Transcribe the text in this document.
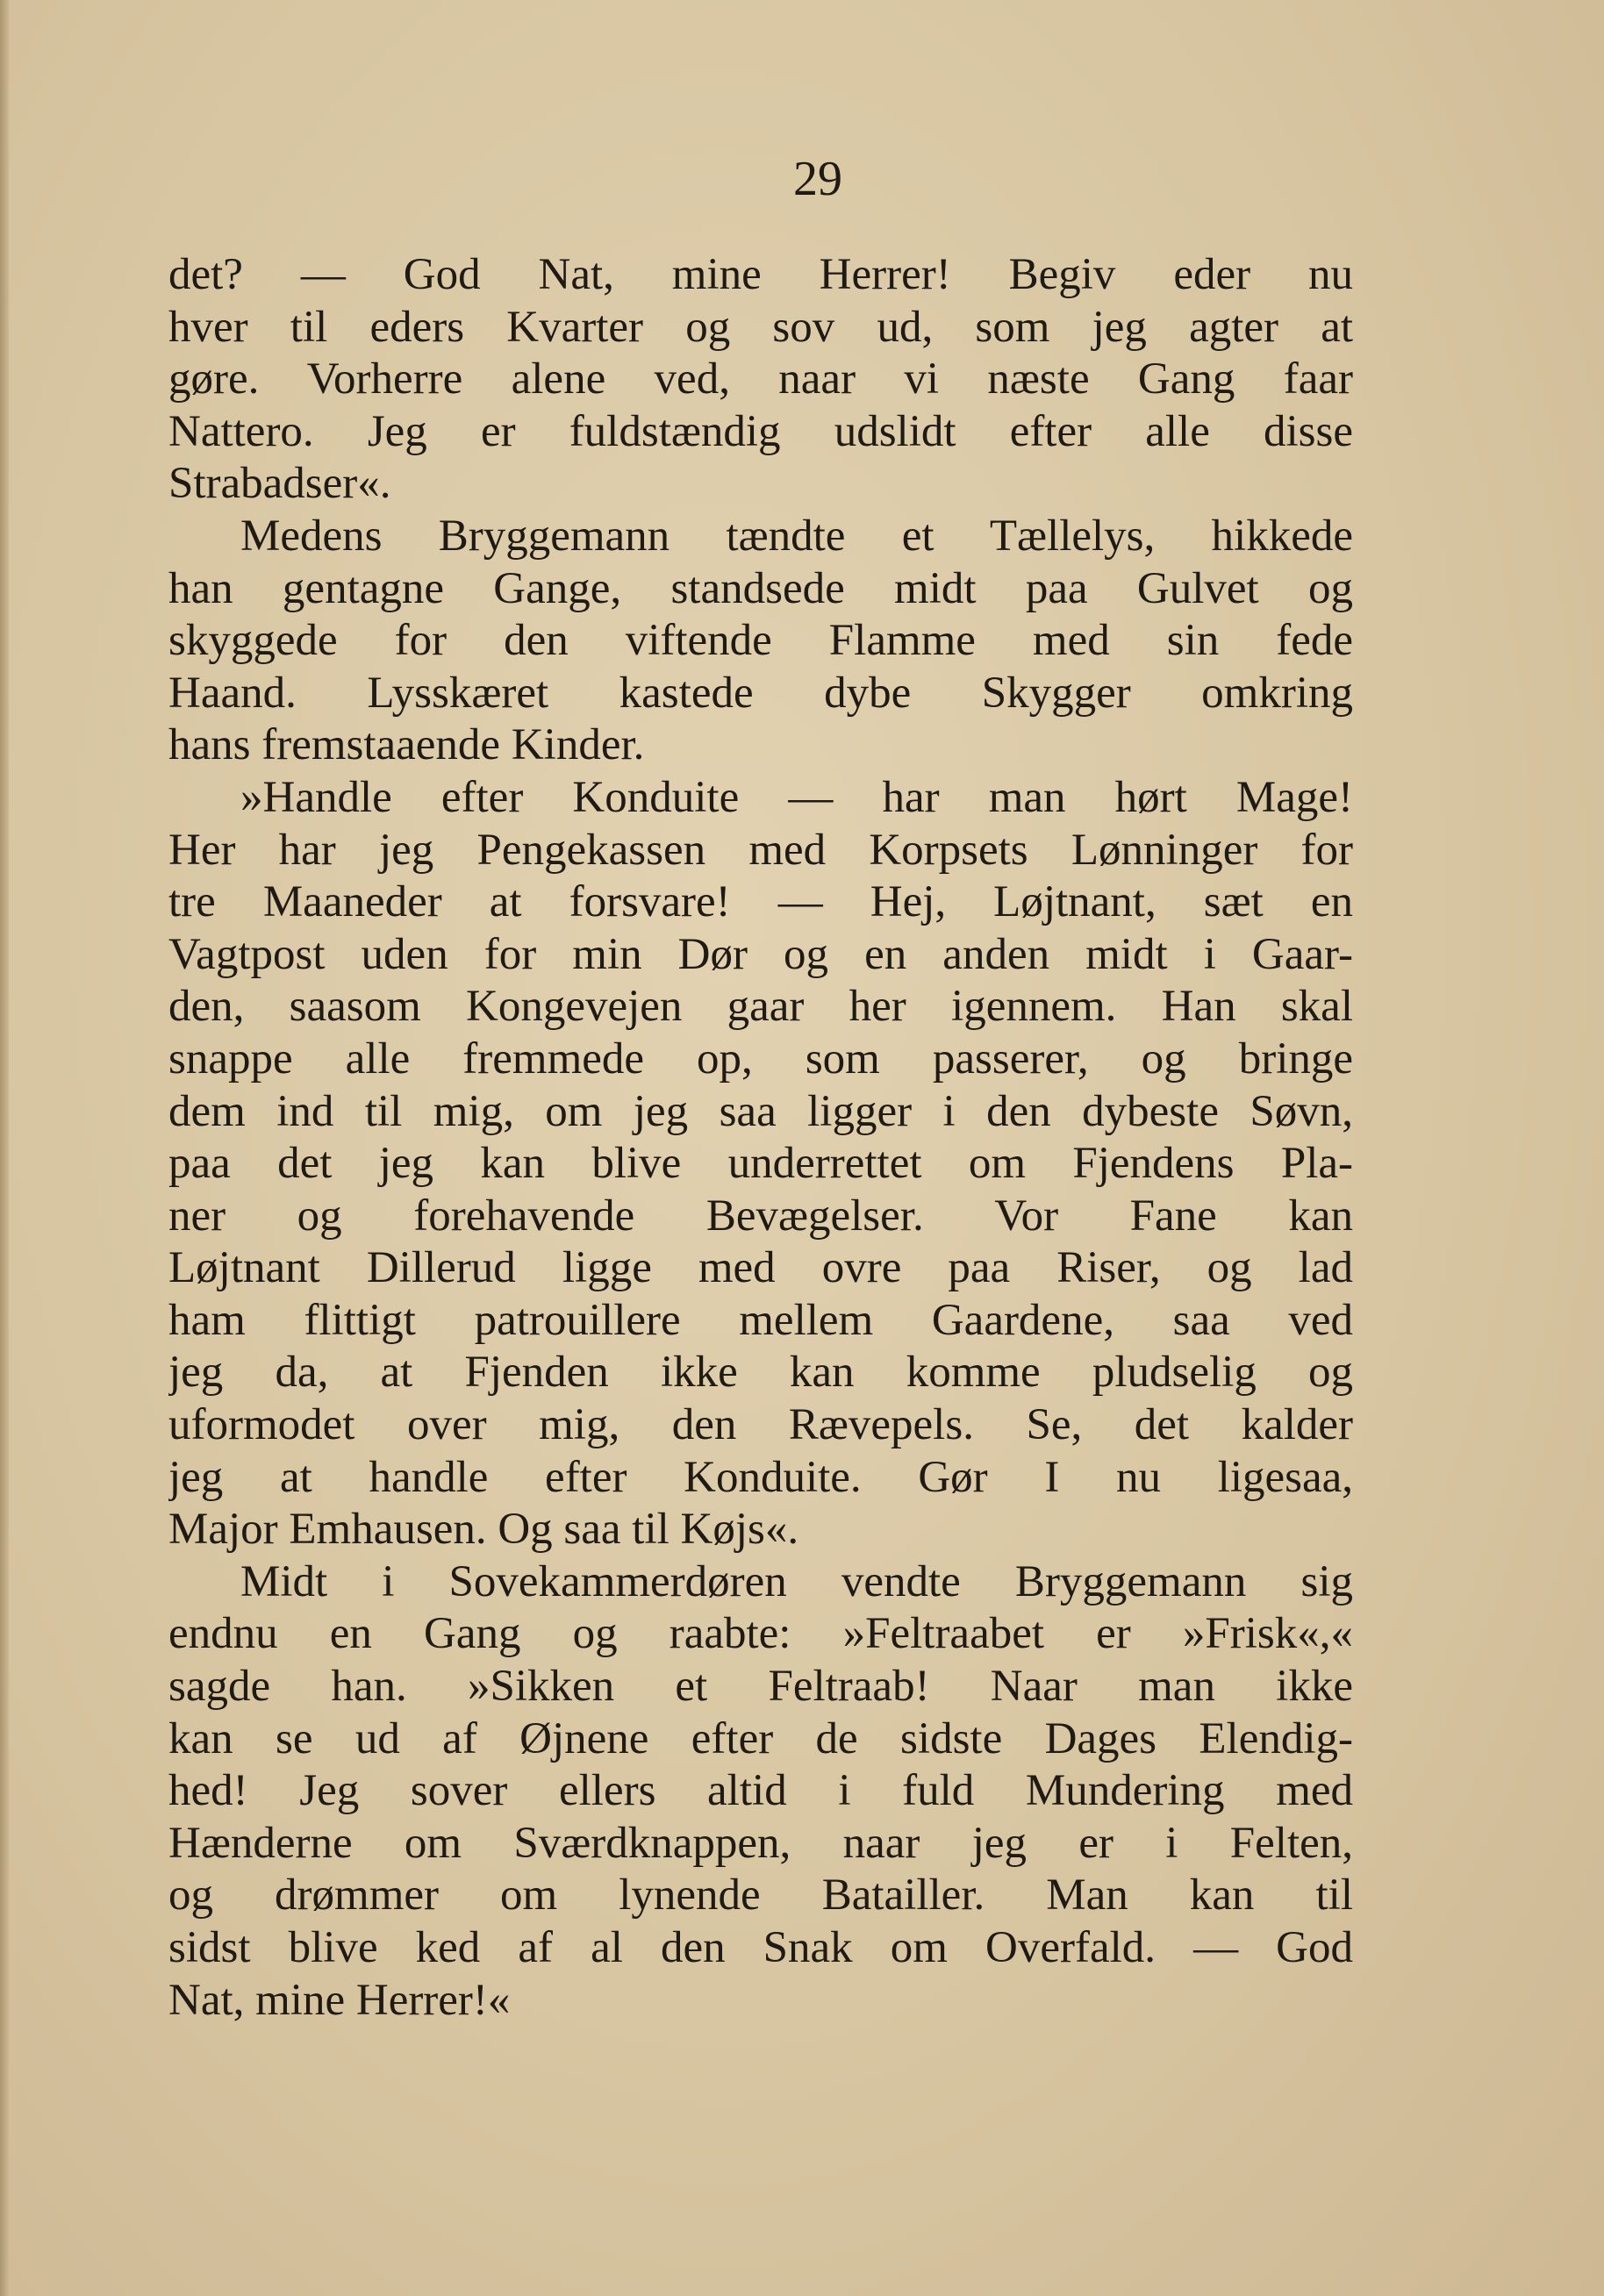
29
det? — God Nat, mine Herrer! Begiv eder nu
hver til eders Kvarter og sov ud, som jeg agter at
gøre. Vorherre alene ved, naar vi næste Gang faar
Nattero. Jeg er fuldstændig udslidt efter alle disse
Strabadser«.
Medens Bryggemann tændte et Tællelys, hikkede
han gentagne Gange, standsede midt paa Gulvet og
skyggede for den viftende Flamme med sin fede
Haand. Lysskæret kastede dybe Skygger omkring
hans fremstaaende Kinder.
»Handle efter Konduite — har man hørt Mage!
Her har jeg Pengekassen med Korpsets Lønninger for
tre Maaneder at forsvare! — Hej, Løjtnant, sæt en
Vagtpost uden for min Dør og en anden midt i Gaar-
den, saasom Kongevejen gaar her igennem. Han skal
snappe alle fremmede op, som passerer, og bringe
dem ind til mig, om jeg saa ligger i den dybeste Søvn,
paa det jeg kan blive underrettet om Fjendens Pla-
ner og forehavende Bevægelser. Vor Fane kan
Løjtnant Dillerud ligge med ovre paa Riser, og lad
ham flittigt patrouillere mellem Gaardene, saa ved
jeg da, at Fjenden ikke kan komme pludselig og
uformodet over mig, den Rævepels. Se, det kalder
jeg at handle efter Konduite. Gør I nu ligesaa,
Major Emhausen. Og saa til Køjs«.
Midt i Sovekammerdøren vendte Bryggemann sig
endnu en Gang og raabte: »Feltraabet er »Frisk«,«
sagde han. »Sikken et Feltraab! Naar man ikke
kan se ud af Øjnene efter de sidste Dages Elendig-
hed! Jeg sover ellers altid i fuld Mundering med
Hænderne om Sværdknappen, naar jeg er i Felten,
og drømmer om lynende Batailler. Man kan til
sidst blive ked af al den Snak om Overfald. — God
Nat, mine Herrer!«
